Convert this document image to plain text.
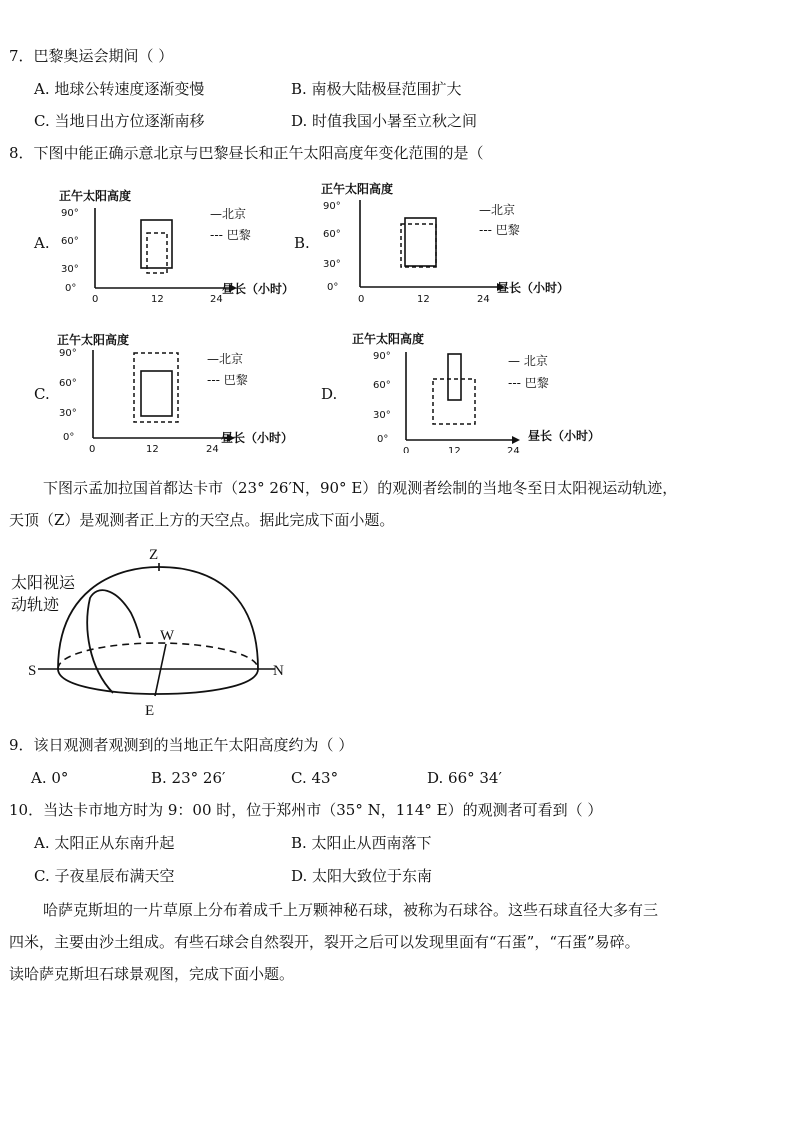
7．巴黎奥运会期间（ ）
A. 地球公转速度逐渐变慢	B. 南极大陆极昼范围扩大
C. 当地日出方位逐渐南移	D. 时值我国小暑至立秋之间
8．下图中能正确示意北京与巴黎昼长和正午太阳高度年变化范围的是（
A.	B.
C.	D.
正午太阳高度
90°
60°
30°
0°
0	12	24
昼长（小时）
—北京
--- 巴黎
正午太阳高度
90°
60°
30°
0°
0	12	24
昼长（小时）
—北京
--- 巴黎
正午太阳高度
90°
60°
30°
0°
0	12	24
昼长（小时）
—北京
--- 巴黎
正午太阳高度
90°
60°
30°
0°
0	12	24
昼长（小时）
— 北京
--- 巴黎
下图示孟加拉国首都达卡市（23° 26′N，90° E）的观测者绘制的当地冬至日太阳视运动轨迹，
天顶（Z）是观测者正上方的天空点。据此完成下面小题。
Z
W
S	N
E
太阳视运
动轨迹
9．该日观测者观测到的当地正午太阳高度约为（ ）
A. 0°	B. 23° 26′	C. 43°	D. 66° 34′
10．当达卡市地方时为 9：00 时，位于郑州市（35° N，114° E）的观测者可看到（ ）
A. 太阳正从东南升起	B. 太阳止从西南落下
C. 子夜星辰布满天空	D. 太阳大致位于东南
哈萨克斯坦的一片草原上分布着成千上万颗神秘石球，被称为石球谷。这些石球直径大多有三
四米，主要由沙土组成。有些石球会自然裂开，裂开之后可以发现里面有“石蛋”，“石蛋”易碎。
读哈萨克斯坦石球景观图，完成下面小题。
